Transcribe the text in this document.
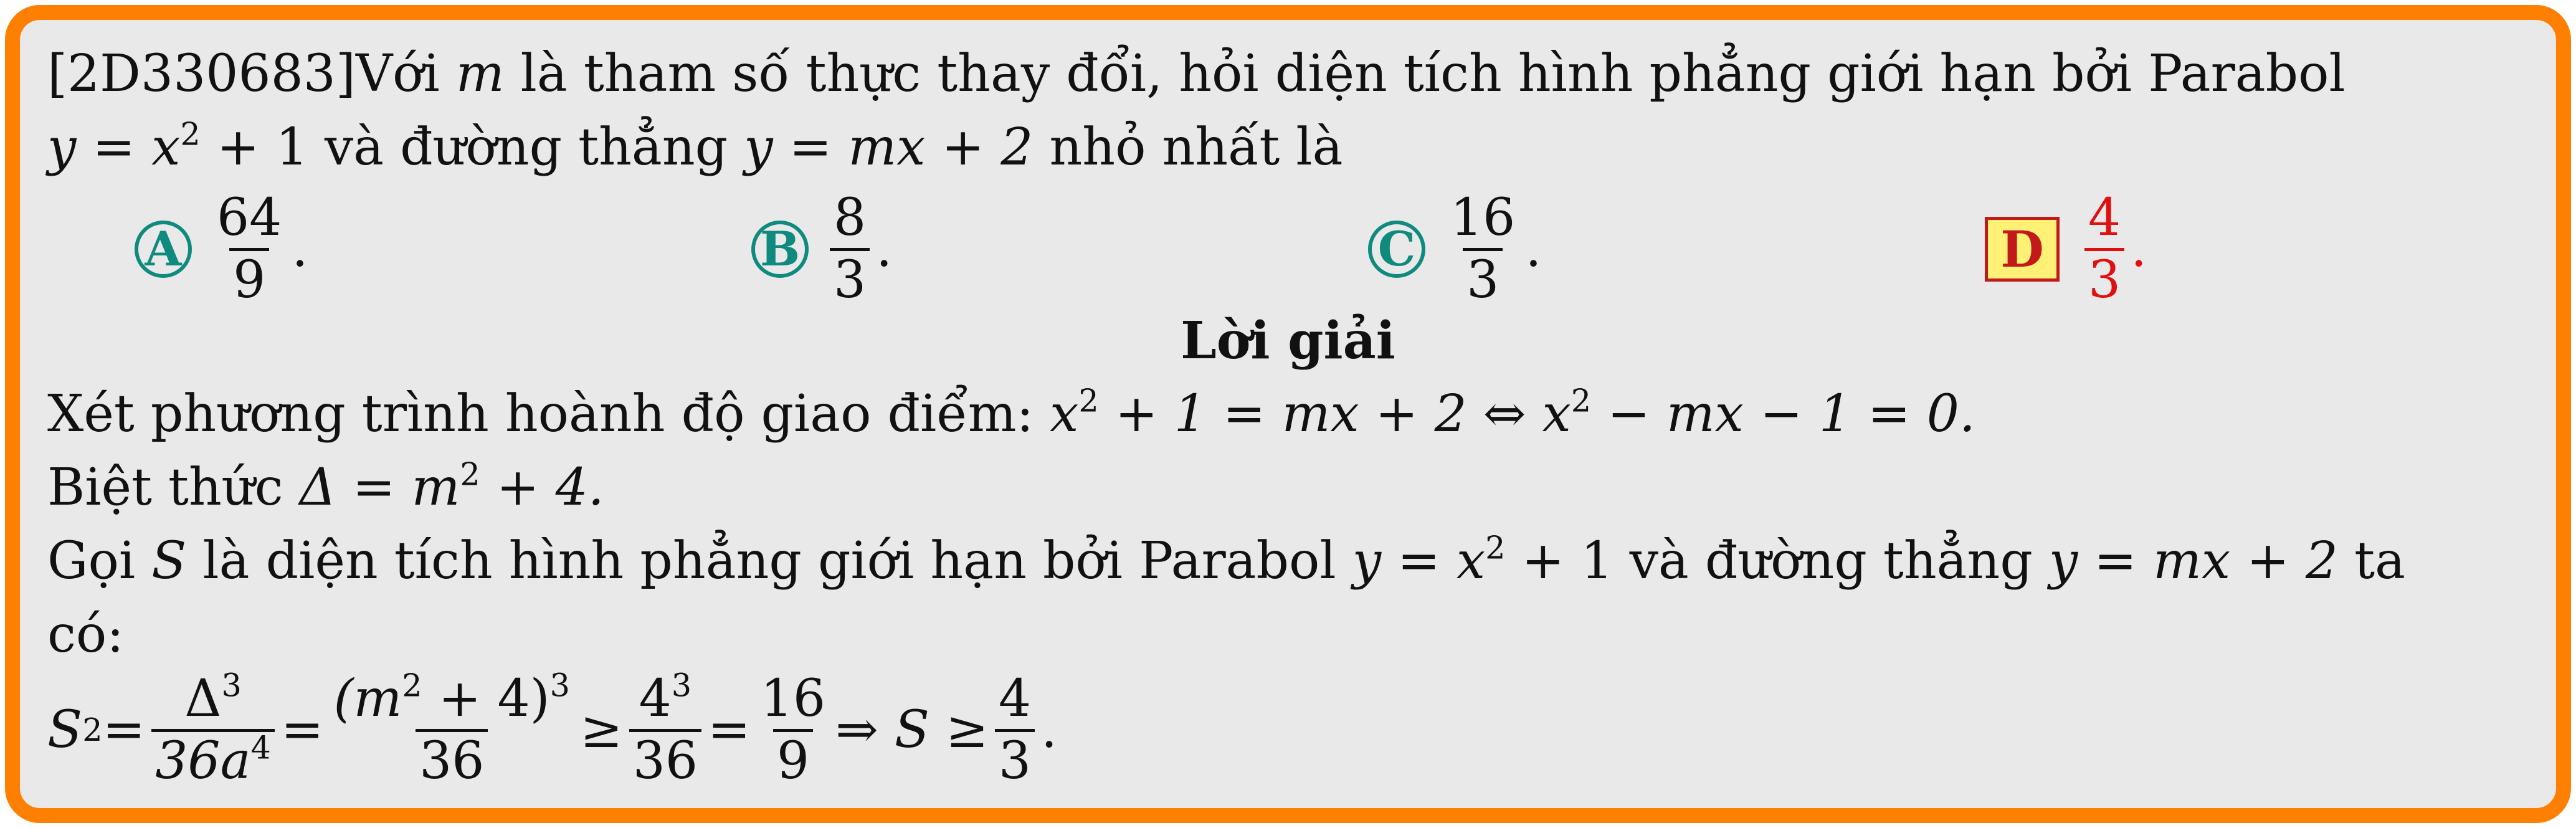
[2D330683]Với m là tham số thực thay đổi, hỏi diện tích hình phẳng giới hạn bởi Parabol
$y = x^2 + 1$ và đường thẳng y = mx + 2 nhỏ nhất là
A $\frac{64}{9}$ .	B $\frac{8}{3}$ .	C $\frac{16}{3}$ .	D $\frac{4}{3}$ .
Lời giải
Xét phương trình hoành độ giao điểm: $x^2 + 1$ = mx + 2 ⇔ $x^2$ − mx − 1 = 0.
Biệt thức $\Delta = m^2 + 4$.
Gọi S là diện tích hình phẳng giới hạn bởi Parabol $y = x^2 + 1$ và đường thẳng y = mx + 2 ta
có:
S $2 = \frac{\Delta^3}{36a^4} = \frac{(m^2 + 4)^3}{36} \ge \frac{4^3}{36} = \frac{16}{9}$ ⇒ $S \ge \frac{4}{3}$ .
